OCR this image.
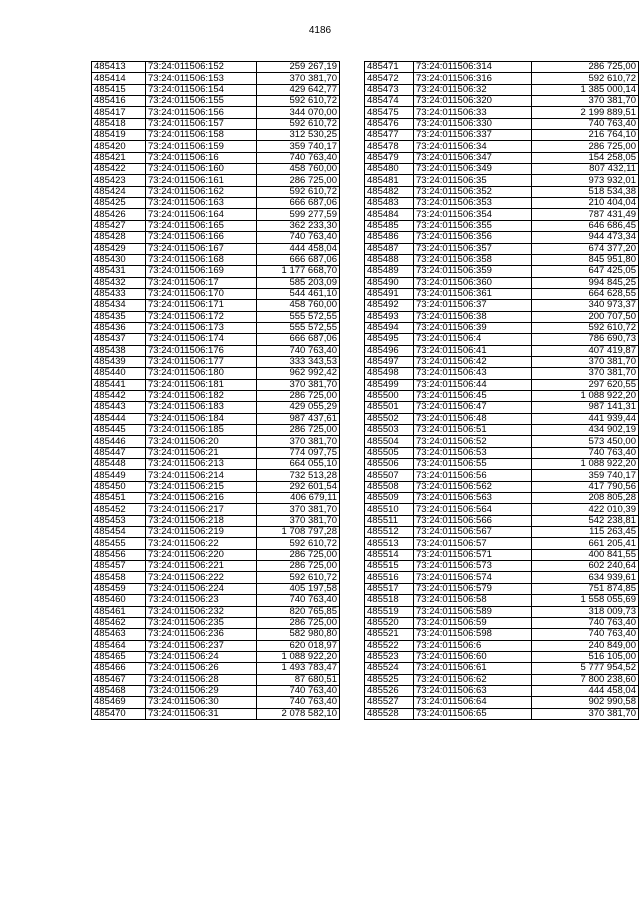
4186
485413	73:24:011506:152	259 267,19
485414	73:24:011506:153	370 381,70
485415	73:24:011506:154	429 642,77
485416	73:24:011506:155	592 610,72
485417	73:24:011506:156	344 070,00
485418	73:24:011506:157	592 610,72
485419	73:24:011506:158	312 530,25
485420	73:24:011506:159	359 740,17
485421	73:24:011506:16	740 763,40
485422	73:24:011506:160	458 760,00
485423	73:24:011506:161	286 725,00
485424	73:24:011506:162	592 610,72
485425	73:24:011506:163	666 687,06
485426	73:24:011506:164	599 277,59
485427	73:24:011506:165	362 233,30
485428	73:24:011506:166	740 763,40
485429	73:24:011506:167	444 458,04
485430	73:24:011506:168	666 687,06
485431	73:24:011506:169	1 177 668,70
485432	73:24:011506:17	585 203,09
485433	73:24:011506:170	544 461,10
485434	73:24:011506:171	458 760,00
485435	73:24:011506:172	555 572,55
485436	73:24:011506:173	555 572,55
485437	73:24:011506:174	666 687,06
485438	73:24:011506:176	740 763,40
485439	73:24:011506:177	333 343,53
485440	73:24:011506:180	962 992,42
485441	73:24:011506:181	370 381,70
485442	73:24:011506:182	286 725,00
485443	73:24:011506:183	429 055,29
485444	73:24:011506:184	987 437,61
485445	73:24:011506:185	286 725,00
485446	73:24:011506:20	370 381,70
485447	73:24:011506:21	774 097,75
485448	73:24:011506:213	664 055,10
485449	73:24:011506:214	732 513,28
485450	73:24:011506:215	292 601,54
485451	73:24:011506:216	406 679,11
485452	73:24:011506:217	370 381,70
485453	73:24:011506:218	370 381,70
485454	73:24:011506:219	1 708 797,28
485455	73:24:011506:22	592 610,72
485456	73:24:011506:220	286 725,00
485457	73:24:011506:221	286 725,00
485458	73:24:011506:222	592 610,72
485459	73:24:011506:224	405 197,58
485460	73:24:011506:23	740 763,40
485461	73:24:011506:232	820 765,85
485462	73:24:011506:235	286 725,00
485463	73:24:011506:236	582 980,80
485464	73:24:011506:237	620 018,97
485465	73:24:011506:24	1 088 922,20
485466	73:24:011506:26	1 493 783,47
485467	73:24:011506:28	87 680,51
485468	73:24:011506:29	740 763,40
485469	73:24:011506:30	740 763,40
485470	73:24:011506:31	2 078 582,10
485471	73:24:011506:314	286 725,00
485472	73:24:011506:316	592 610,72
485473	73:24:011506:32	1 385 000,14
485474	73:24:011506:320	370 381,70
485475	73:24:011506:33	2 199 889,51
485476	73:24:011506:330	740 763,40
485477	73:24:011506:337	216 764,10
485478	73:24:011506:34	286 725,00
485479	73:24:011506:347	154 258,05
485480	73:24:011506:349	807 432,11
485481	73:24:011506:35	973 932,01
485482	73:24:011506:352	518 534,38
485483	73:24:011506:353	210 404,04
485484	73:24:011506:354	787 431,49
485485	73:24:011506:355	646 686,45
485486	73:24:011506:356	944 473,34
485487	73:24:011506:357	674 377,20
485488	73:24:011506:358	845 951,80
485489	73:24:011506:359	647 425,05
485490	73:24:011506:360	994 845,25
485491	73:24:011506:361	664 628,55
485492	73:24:011506:37	340 973,37
485493	73:24:011506:38	200 707,50
485494	73:24:011506:39	592 610,72
485495	73:24:011506:4	786 690,73
485496	73:24:011506:41	407 419,87
485497	73:24:011506:42	370 381,70
485498	73:24:011506:43	370 381,70
485499	73:24:011506:44	297 620,55
485500	73:24:011506:45	1 088 922,20
485501	73:24:011506:47	987 141,31
485502	73:24:011506:48	441 939,44
485503	73:24:011506:51	434 902,19
485504	73:24:011506:52	573 450,00
485505	73:24:011506:53	740 763,40
485506	73:24:011506:55	1 088 922,20
485507	73:24:011506:56	359 740,17
485508	73:24:011506:562	417 790,56
485509	73:24:011506:563	208 805,28
485510	73:24:011506:564	422 010,39
485511	73:24:011506:566	542 238,81
485512	73:24:011506:567	115 263,45
485513	73:24:011506:57	661 205,41
485514	73:24:011506:571	400 841,55
485515	73:24:011506:573	602 240,64
485516	73:24:011506:574	634 939,61
485517	73:24:011506:579	751 874,85
485518	73:24:011506:58	1 558 055,69
485519	73:24:011506:589	318 009,73
485520	73:24:011506:59	740 763,40
485521	73:24:011506:598	740 763,40
485522	73:24:011506:6	240 849,00
485523	73:24:011506:60	516 105,00
485524	73:24:011506:61	5 777 954,52
485525	73:24:011506:62	7 800 238,60
485526	73:24:011506:63	444 458,04
485527	73:24:011506:64	902 990,58
485528	73:24:011506:65	370 381,70
